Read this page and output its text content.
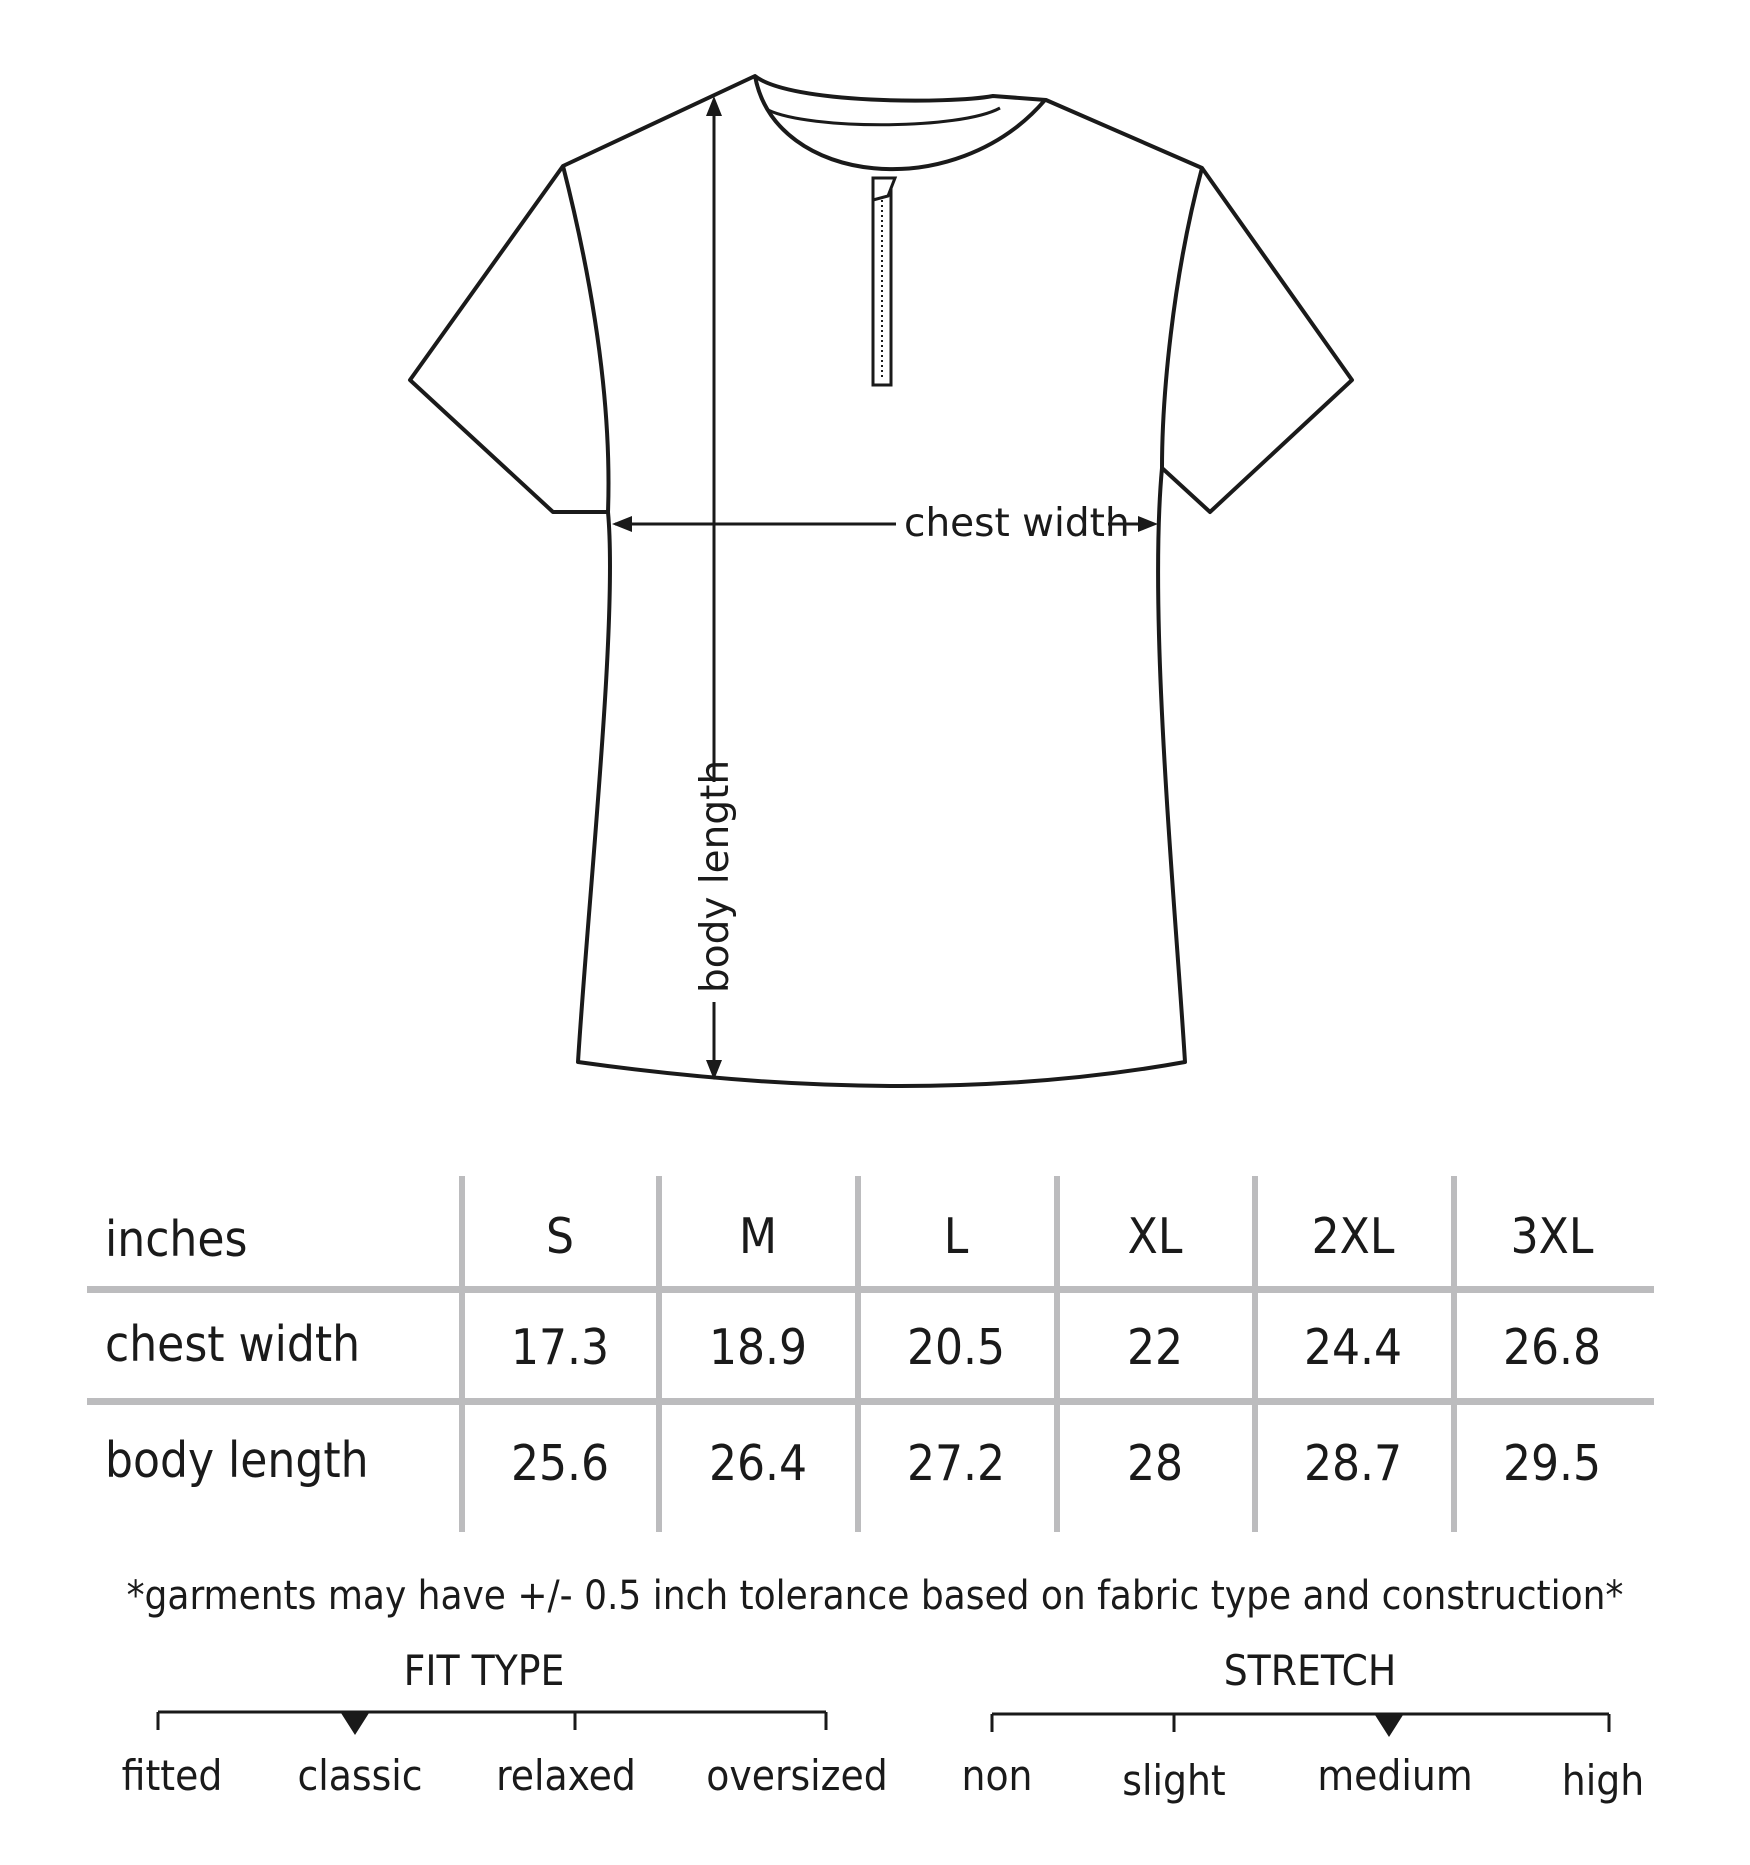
chest width
body length
inches	S	M	L	XL	2XL 3XL
chest width	17.3 18.9 20.5 22 24.4 26.8
body length	25.6 26.4 27.2 28 28.7 29.5
*garments may have +/- 0.5 inch tolerance based on fabric type and construction*
FIT TYPE
fitted classic relaxed oversized
STRETCH
non slight medium high
